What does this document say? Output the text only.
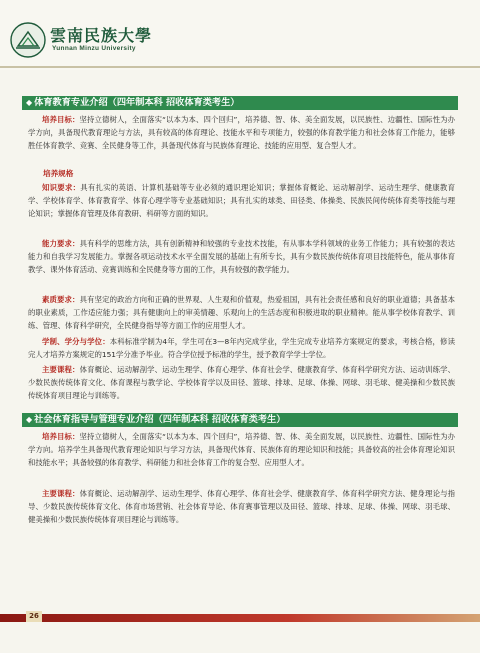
雲南民族大學
Yunnan Minzu University
◆ 体育教育专业介绍（四年制本科 招收体育类考生）

培养目标：坚持立德树人，全面落实“以本为本、四个回归”，培养德、智、体、美全面发展，以民族性、边疆性、国际性为办学方向，具备现代教育理论与方法，具有较高的体育理论、技能水平和专项能力，较强的体育教学能力和社会体育工作能力，能够胜任体育教学、竞赛、全民健身等工作，具备现代体育与民族体育理论、技能的应用型、复合型人才。

培养规格

知识要求：具有扎实的英语、计算机基础等专业必须的通识理论知识；掌握体育概论、运动解剖学、运动生理学、健康教育学、学校体育学、体育教育学、体育心理学等专业基础知识；具有扎实的球类、田径类、体操类、民族民间传统体育类等技能与理论知识；掌握体育管理及体育教研、科研等方面的知识。

能力要求：具有科学的思维方法，具有创新精神和较强的专业技术技能，有从事本学科领域的业务工作能力；具有较强的表达能力和自我学习发展能力。掌握各项运动技术水平全面发展的基础上有所专长，具有少数民族传统体育项目技能特色，能从事体育教学、课外体育活动、竞赛训练和全民健身等方面的工作，具有较强的教学能力。

素质要求：具有坚定的政治方向和正确的世界观、人生观和价值观，热爱祖国，具有社会责任感和良好的职业道德；具备基本的职业素质，工作适应能力强；具有健康向上的审美情趣、乐观向上的生活态度和积极进取的职业精神。能从事学校体育教学、训练、管理、体育科学研究，全民健身指导等方面工作的应用型人才。

学制、学分与学位：本科标准学制为4年，学生可在3—8年内完成学业，学生完成专业培养方案规定的要求，考核合格，修读完人才培养方案规定的151学分准予毕业。符合学位授予标准的学生，授予教育学学士学位。

主要课程：体育概论、运动解剖学、运动生理学、体育心理学、体育社会学、健康教育学、体育科学研究方法、运动训练学、少数民族传统体育文化、体育课程与教学论、学校体育学以及田径、篮球、排球、足球、体操、网球、羽毛球、健美操和少数民族传统体育项目理论与训练等。

◆ 社会体育指导与管理专业介绍（四年制本科 招收体育类考生）

培养目标：坚持立德树人，全面落实“以本为本、四个回归”，培养德、智、体、美全面发展，以民族性、边疆性、国际性为办学方向。培养学生具备现代教育理论知识与学习方法，具备现代体育、民族体育的理论知识和技能；具备较高的社会体育理论知识和技能水平；具备较强的体育教学、科研能力和社会体育工作的复合型、应用型人才。

主要课程：体育概论、运动解剖学、运动生理学、体育心理学、体育社会学、健康教育学、体育科学研究方法、健身理论与指导、少数民族传统体育文化、体育市场营销、社会体育导论、体育赛事管理以及田径、篮球、排球、足球、体操、网球、羽毛球、健美操和少数民族传统体育项目理论与训练等。

26
